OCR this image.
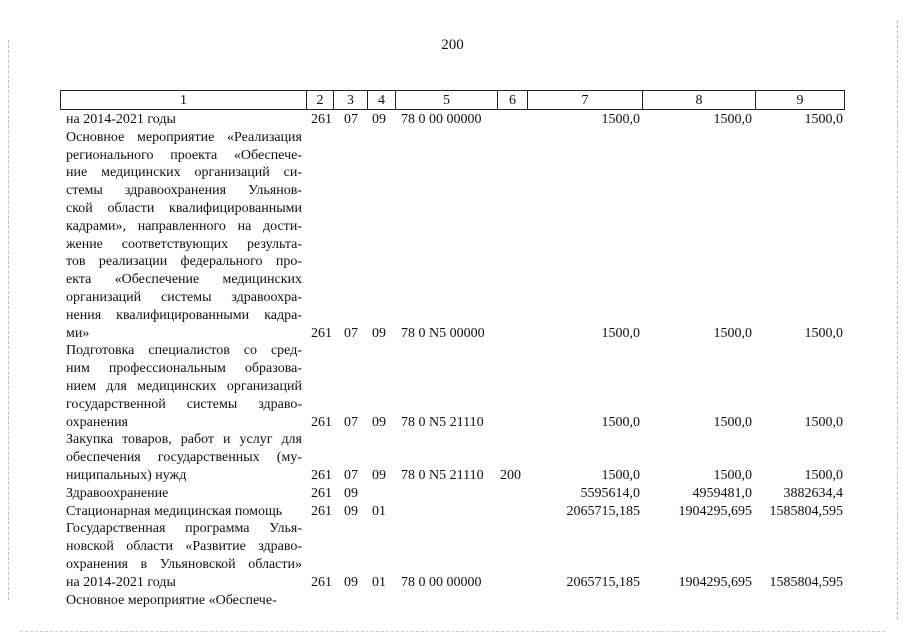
200
1	2	3	4	5	6	7	8	9
на 2014-2021 годы	261 07 09 78 0 00 00000	1500,0	1500,0	1500,0
Основное мероприятие «Реализация
регионального проекта «Обеспече-
ние медицинских организаций си-
стемы здравоохранения Ульянов-
ской области квалифицированными
кадрами», направленного на дости-
жение соответствующих результа-
тов реализации федерального про-
екта «Обеспечение медицинских
организаций системы здравоохра-
нения квалифицированными кадра-
ми»	261 07 09 78 0 N5 00000	1500,0	1500,0	1500,0
Подготовка специалистов со сред-
ним профессиональным образова-
нием для медицинских организаций
государственной системы здраво-
охранения	261 07 09 78 0 N5 21110	1500,0	1500,0	1500,0
Закупка товаров, работ и услуг для
обеспечения государственных (му-
ниципальных) нужд	261 07 09 78 0 N5 21110 200	1500,0	1500,0	1500,0
Здравоохранение	261 09	5595614,0	4959481,0 3882634,4
Стационарная медицинская помощь	261 09 01	2065715,185	1904295,695 1585804,595
Государственная программа Улья-
новской области «Развитие здраво-
охранения в Ульяновской области»
на 2014-2021 годы	261 09 01 78 0 00 00000	2065715,185	1904295,695 1585804,595
Основное мероприятие «Обеспече-
